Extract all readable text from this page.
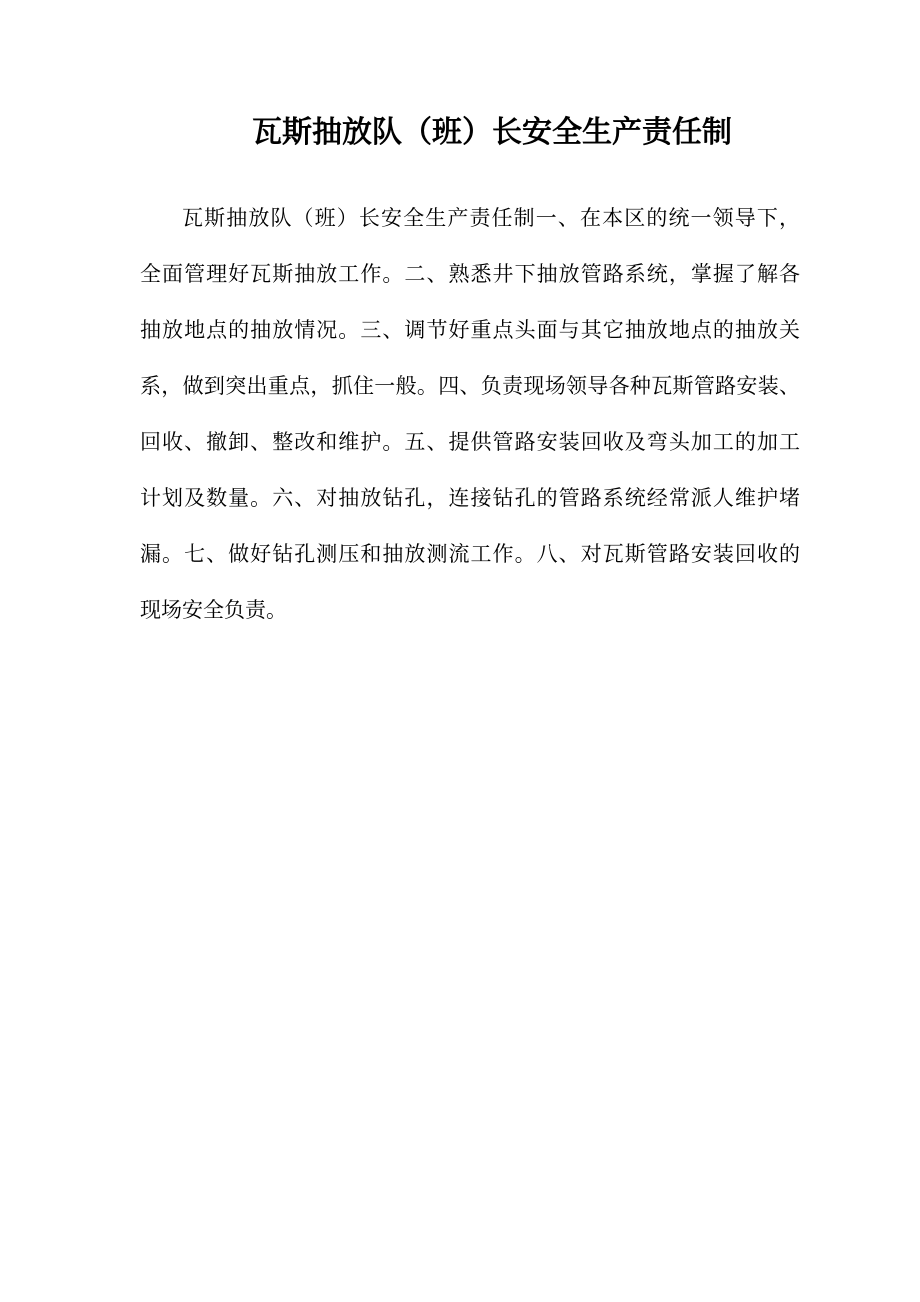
瓦斯抽放队（班）长安全生产责任制
瓦斯抽放队（班）长安全生产责任制一、在本区的统一领导下，
全面管理好瓦斯抽放工作。二、熟悉井下抽放管路系统，掌握了解各
抽放地点的抽放情况。三、调节好重点头面与其它抽放地点的抽放关
系，做到突出重点，抓住一般。四、负责现场领导各种瓦斯管路安装、
回收、撤卸、整改和维护。五、提供管路安装回收及弯头加工的加工
计划及数量。六、对抽放钻孔，连接钻孔的管路系统经常派人维护堵
漏。七、做好钻孔测压和抽放测流工作。八、对瓦斯管路安装回收的
现场安全负责。
